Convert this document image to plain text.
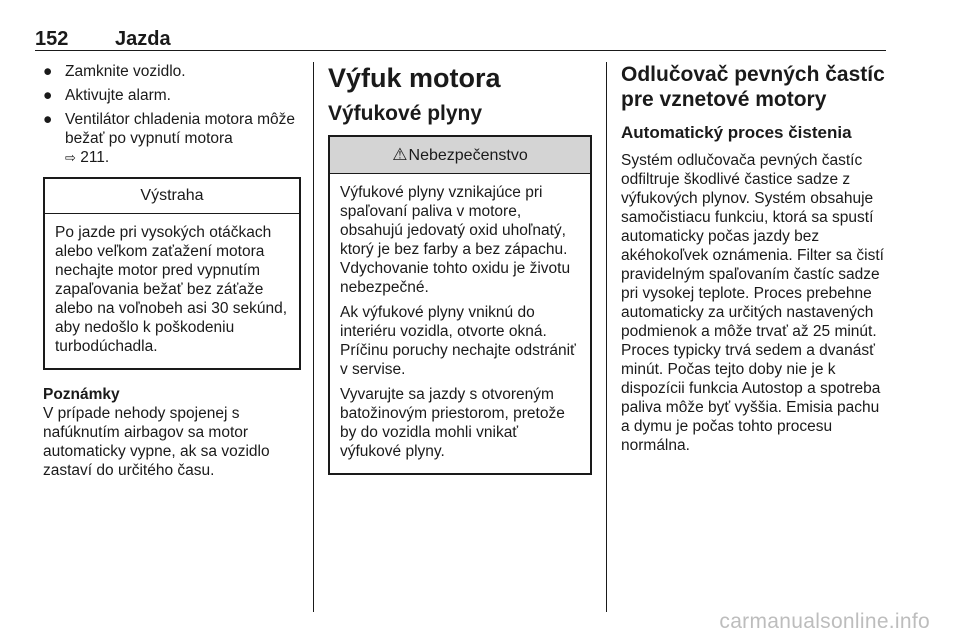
152 Jazda
● Zamknite vozidlo.
● Aktivujte alarm.
● Ventilátor chladenia motora môže bežať po vypnutí motora
⇨ 211.
Výstraha

Po jazde pri vysokých otáčkach alebo veľkom zaťažení motora nechajte motor pred vypnutím zapaľovania bežať bez záťaže alebo na voľnobeh asi 30 sekúnd, aby nedošlo k poškodeniu turbodúchadla.

Poznámky

V prípade nehody spojenej s nafúknutím airbagov sa motor automaticky vypne, ak sa vozidlo zastaví do určitého času.

Výfuk motora
Výfukové plyny
⚠Nebezpečenstvo

Výfukové plyny vznikajúce pri spaľovaní paliva v motore, obsahujú jedovatý oxid uhoľnatý, ktorý je bez farby a bez zápachu. Vdychovanie tohto oxidu je životu nebezpečné.

Ak výfukové plyny vniknú do interiéru vozidla, otvorte okná. Príčinu poruchy nechajte odstrániť v servise.

Vyvarujte sa jazdy s otvoreným batožinovým priestorom, pretože by do vozidla mohli vnikať výfukové plyny.

Odlučovač pevných častíc pre vznetové motory
Automatický proces čistenia

Systém odlučovača pevných častíc odfiltruje škodlivé častice sadze z výfukových plynov. Systém obsahuje samočistiacu funkciu, ktorá sa spustí automaticky počas jazdy bez akéhokoľvek oznámenia. Filter sa čistí pravidelným spaľovaním častíc sadze pri vysokej teplote. Proces prebehne automaticky za určitých nastavených podmienok a môže trvať až 25 minút. Proces typicky trvá sedem a dvanásť minút. Počas tejto doby nie je k dispozícii funkcia Autostop a spotreba paliva môže byť vyššia. Emisia pachu a dymu je počas tohto procesu normálna.

carmanualsonline.info
